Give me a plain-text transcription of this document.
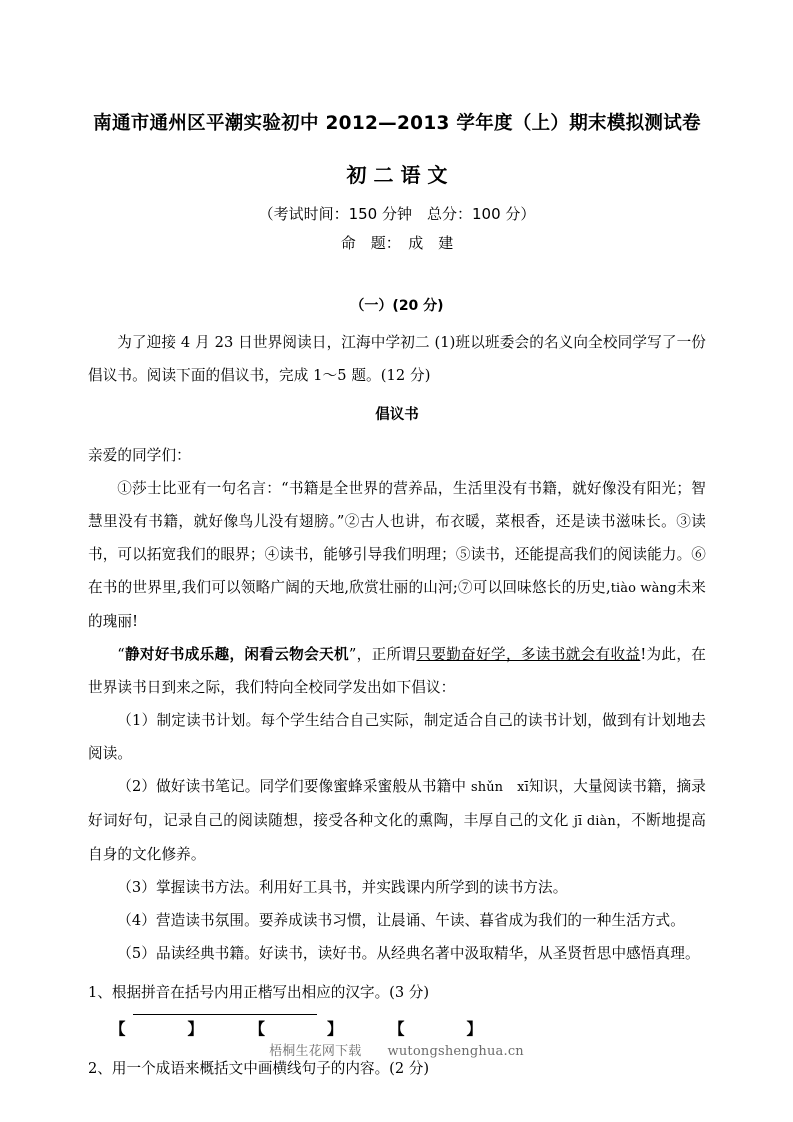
南通市通州区平潮实验初中 2012—2013 学年度（上）期末模拟测试卷
初 二 语 文
（考试时间：150 分钟　总分：100 分）
命　题：　成　建
（一）(20 分)

为了迎接 4 月 23 日世界阅读日，江海中学初二 (1)班以班委会的名义向全校同学写了一份倡议书。阅读下面的倡议书，完成 1～5 题。(12 分)

倡议书

亲爱的同学们：

①莎士比亚有一句名言：“书籍是全世界的营养品，生活里没有书籍，就好像没有阳光；智慧里没有书籍，就好像鸟儿没有翅膀。”②古人也讲，布衣暖，菜根香，还是读书滋味长。③读书，可以拓宽我们的眼界；④读书，能够引导我们明理；⑤读书，还能提高我们的阅读能力。⑥在书的世界里,我们可以领略广阔的天地,欣赏壮丽的山河;⑦可以回味悠长的历史,tiào wàng未来的瑰丽!

“静对好书成乐趣，闲看云物会天机”，正所谓只要勤奋好学，多读书就会有收益!为此，在世界读书日到来之际，我们特向全校同学发出如下倡议：

（1）制定读书计划。每个学生结合自己实际，制定适合自己的读书计划，做到有计划地去阅读。

（2）做好读书笔记。同学们要像蜜蜂采蜜般从书籍中 shǔn xī知识，大量阅读书籍，摘录好词好句，记录自己的阅读随想，接受各种文化的熏陶，丰厚自己的文化 jī diàn，不断地提高自身的文化修养。

（3）掌握读书方法。利用好工具书，并实践课内所学到的读书方法。

（4）营造读书氛围。要养成读书习惯，让晨诵、午读、暮省成为我们的一种生活方式。

（5）品读经典书籍。好读书，读好书。从经典名著中汲取精华，从圣贤哲思中感悟真理。

1、根据拼音在括号内用正楷写出相应的汉字。(3 分)

【　　　　】　　　　【　　　　】　　　　【　　　　】

2、用一个成语来概括文中画横线句子的内容。(2 分)

梧桐生花网下载 wutongshenghua.cn
